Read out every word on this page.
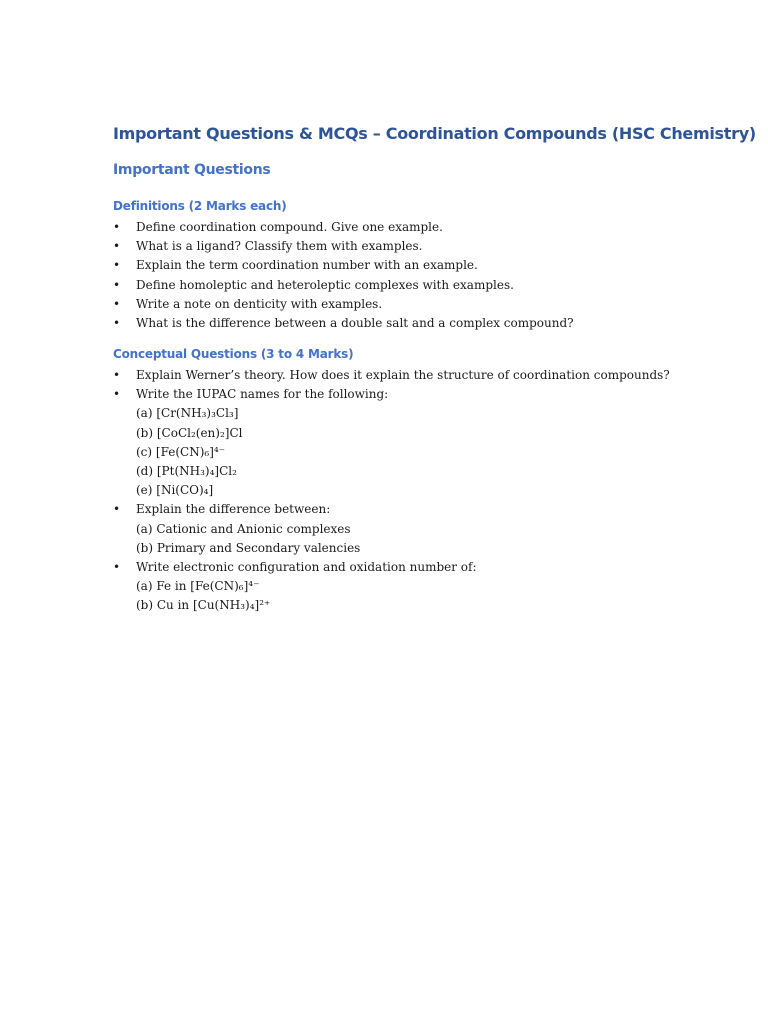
Important Questions & MCQs – Coordination Compounds (HSC Chemistry)
Important Questions
Definitions (2 Marks each)
• Define coordination compound. Give one example.
• What is a ligand? Classify them with examples.
• Explain the term coordination number with an example.
• Define homoleptic and heteroleptic complexes with examples.
• Write a note on denticity with examples.
• What is the difference between a double salt and a complex compound?
Conceptual Questions (3 to 4 Marks)
• Explain Werner’s theory. How does it explain the structure of coordination compounds?
• Write the IUPAC names for the following:
(a) [Cr(NH₃)₃Cl₃]
(b) [CoCl₂(en)₂]Cl
(c) [Fe(CN)₆]⁴⁻
(d) [Pt(NH₃)₄]Cl₂
(e) [Ni(CO)₄]
• Explain the difference between:
(a) Cationic and Anionic complexes
(b) Primary and Secondary valencies
• Write electronic configuration and oxidation number of:
(a) Fe in [Fe(CN)₆]⁴⁻
(b) Cu in [Cu(NH₃)₄]²⁺
